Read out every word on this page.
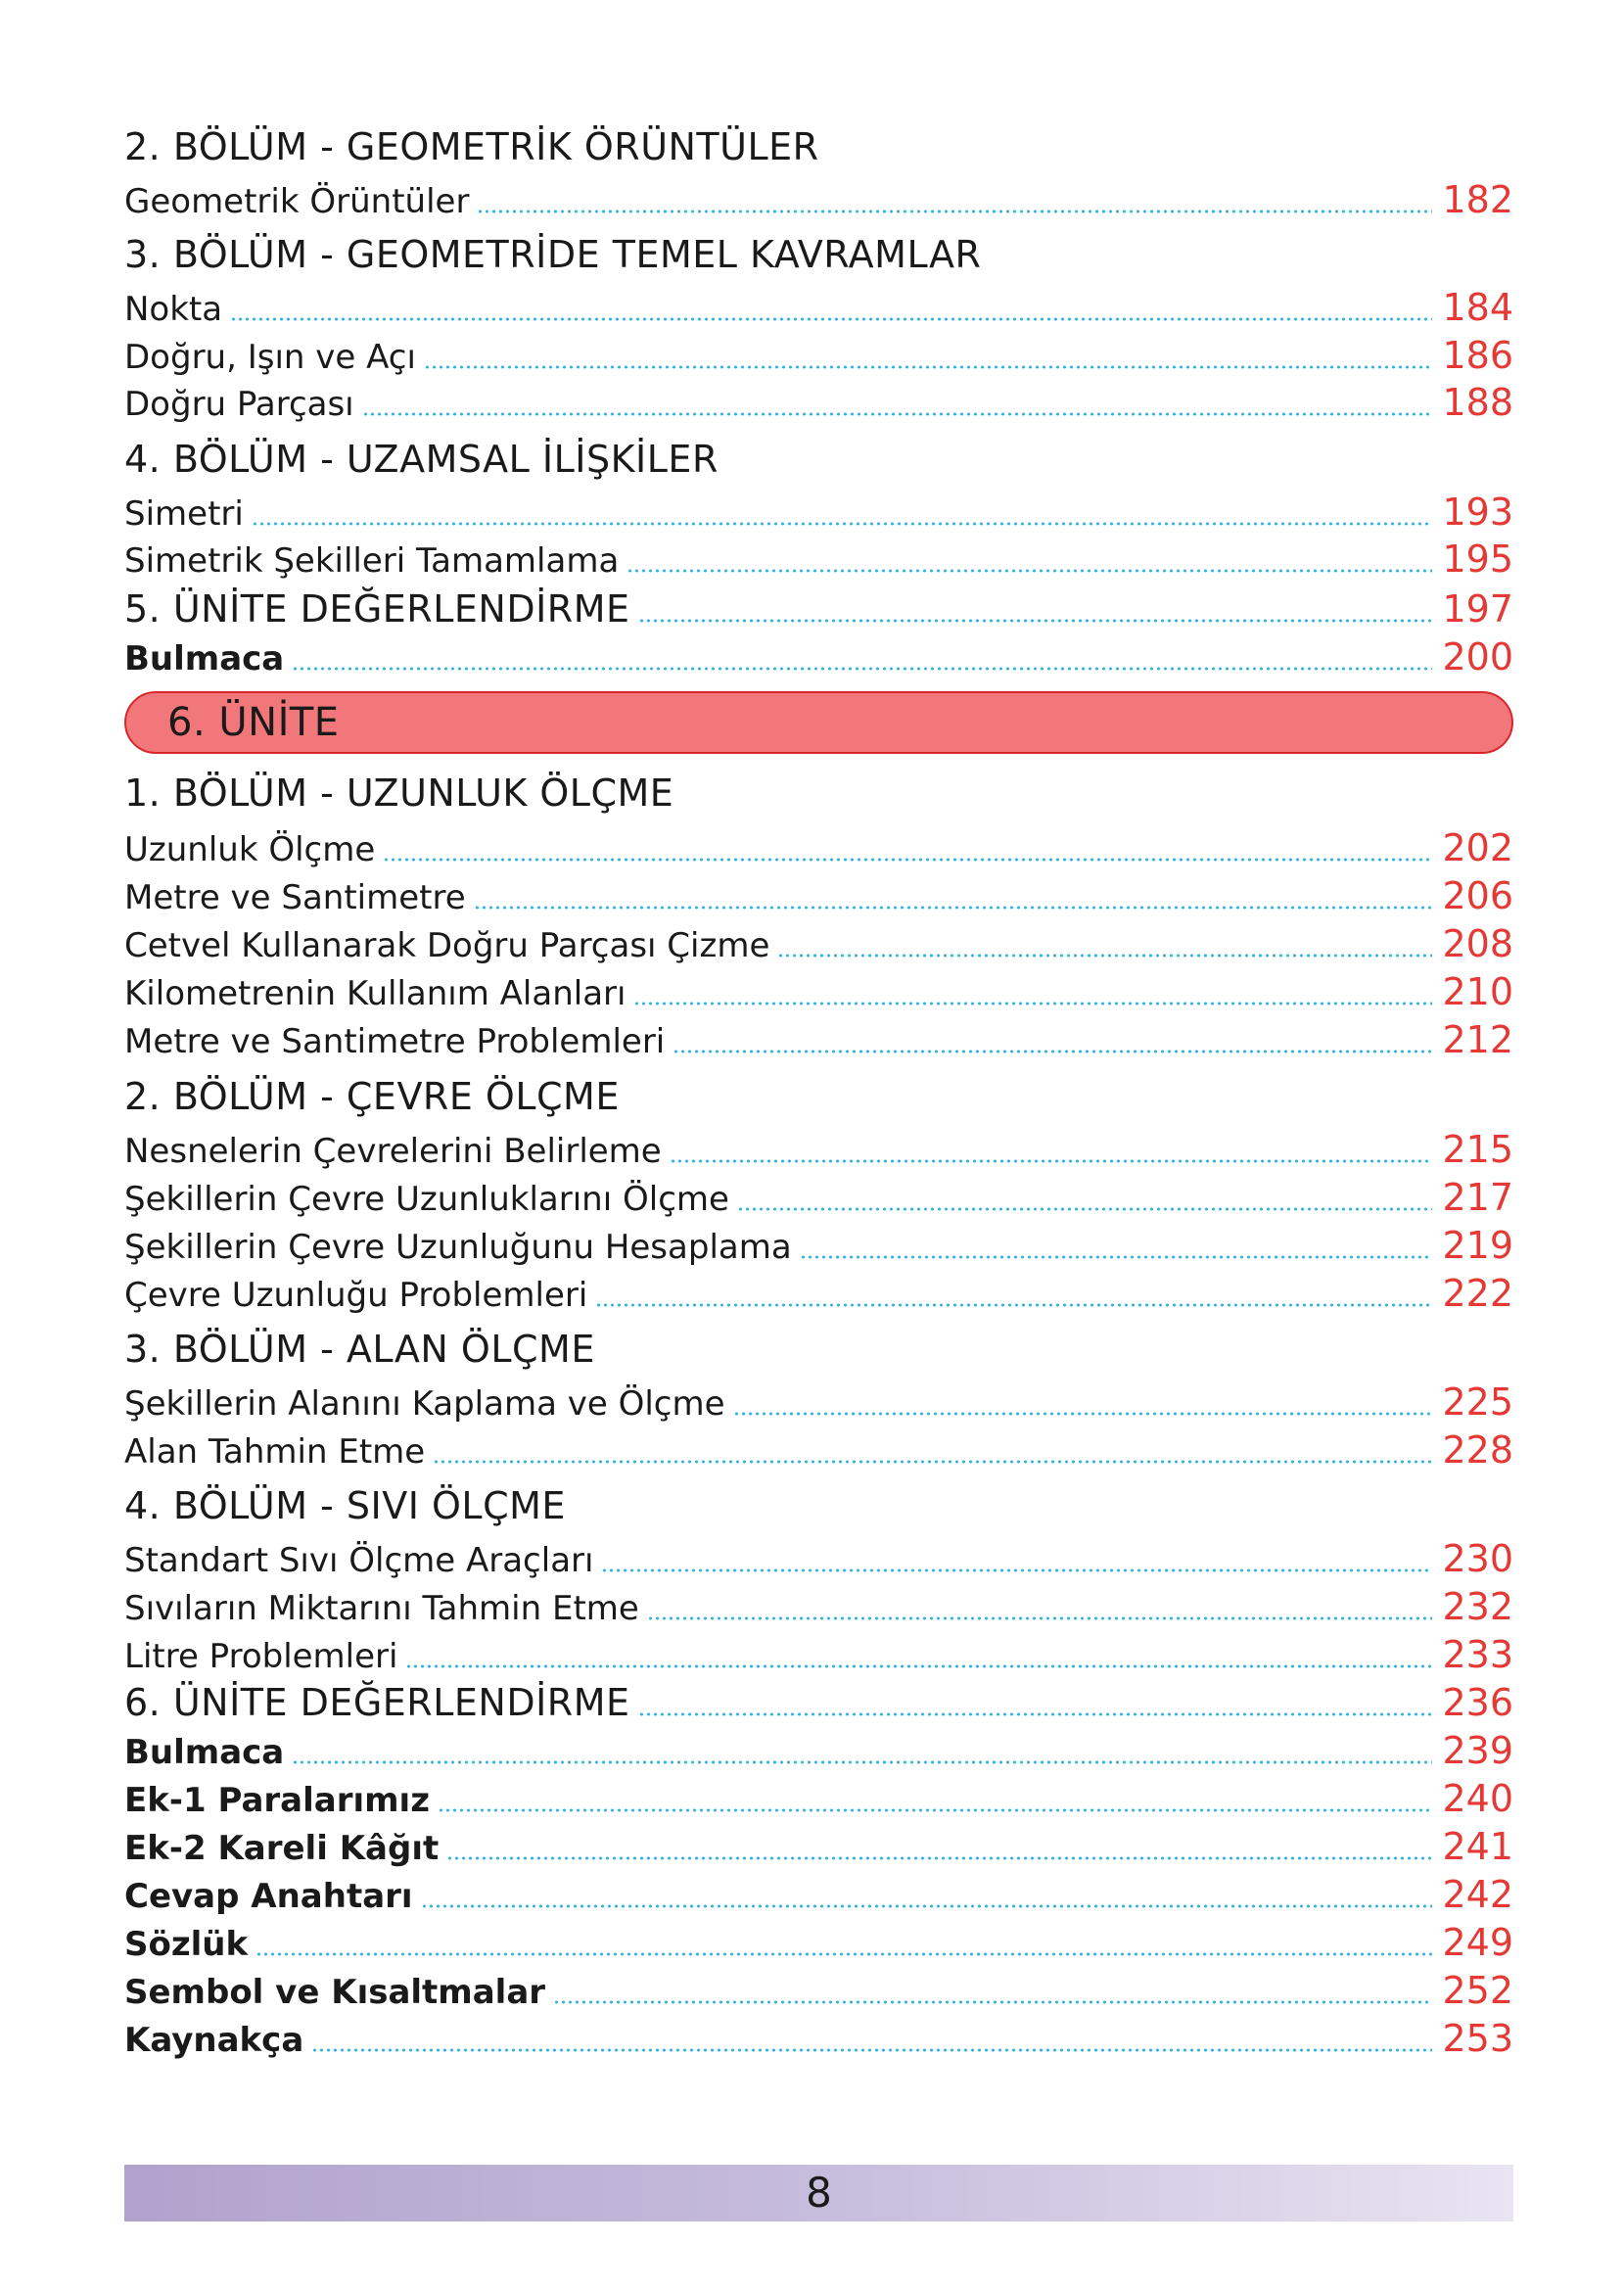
2. BÖLÜM - GEOMETRİK ÖRÜNTÜLER
Geometrik Örüntüler	182
3. BÖLÜM - GEOMETRİDE TEMEL KAVRAMLAR
Nokta	184
Doğru, Işın ve Açı	186
Doğru Parçası	188
4. BÖLÜM - UZAMSAL İLİŞKİLER
Simetri	193
Simetrik Şekilleri Tamamlama	195
5. ÜNİTE DEĞERLENDİRME	197
Bulmaca	200
6. ÜNİTE
1. BÖLÜM - UZUNLUK ÖLÇME
Uzunluk Ölçme	202
Metre ve Santimetre	206
Cetvel Kullanarak Doğru Parçası Çizme	208
Kilometrenin Kullanım Alanları	210
Metre ve Santimetre Problemleri	212
2. BÖLÜM - ÇEVRE ÖLÇME
Nesnelerin Çevrelerini Belirleme	215
Şekillerin Çevre Uzunluklarını Ölçme	217
Şekillerin Çevre Uzunluğunu Hesaplama	219
Çevre Uzunluğu Problemleri	222
3. BÖLÜM - ALAN ÖLÇME
Şekillerin Alanını Kaplama ve Ölçme	225
Alan Tahmin Etme	228
4. BÖLÜM - SIVI ÖLÇME
Standart Sıvı Ölçme Araçları	230
Sıvıların Miktarını Tahmin Etme	232
Litre Problemleri	233
6. ÜNİTE DEĞERLENDİRME	236
Bulmaca	239
Ek-1 Paralarımız	240
Ek-2 Kareli Kâğıt	241
Cevap Anahtarı	242
Sözlük	249
Sembol ve Kısaltmalar	252
Kaynakça	253
8
